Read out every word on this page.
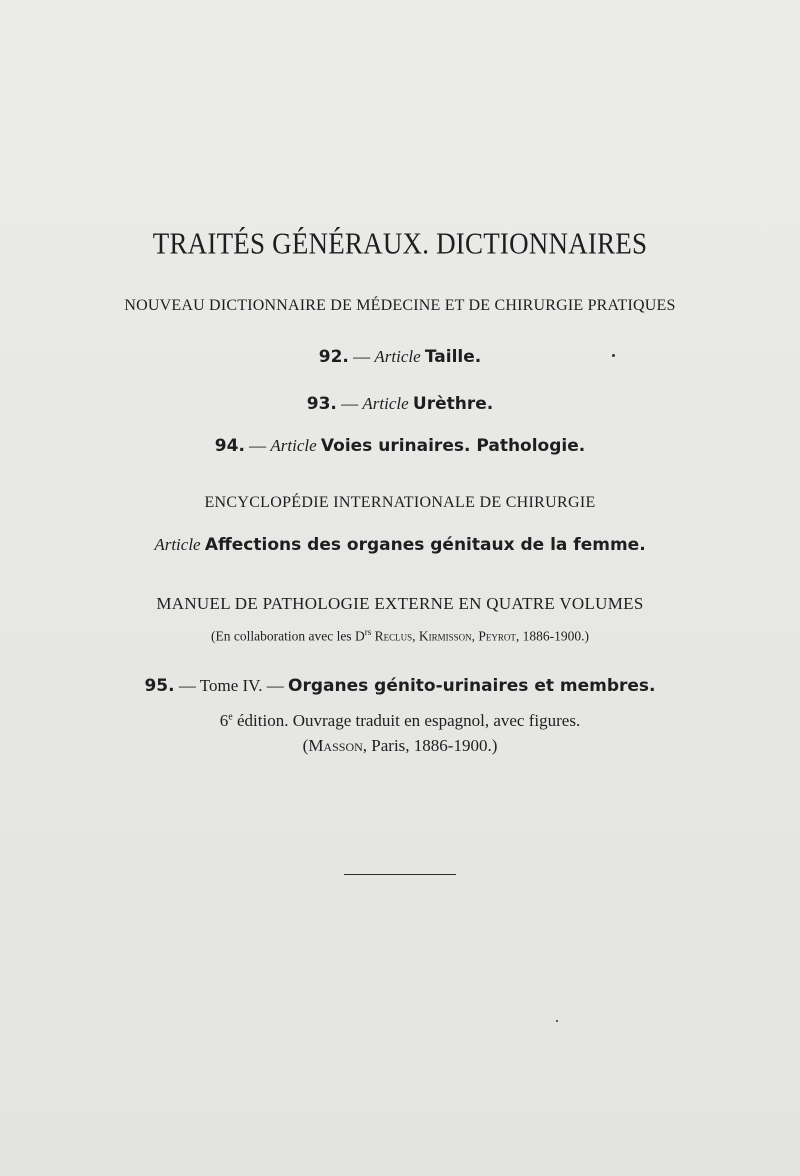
TRAITÉS GÉNÉRAUX. DICTIONNAIRES
NOUVEAU DICTIONNAIRE DE MÉDECINE ET DE CHIRURGIE PRATIQUES
92. — Article Taille.
93. — Article Urèthre.
94. — Article Voies urinaires. Pathologie.
ENCYCLOPÉDIE INTERNATIONALE DE CHIRURGIE
Article Affections des organes génitaux de la femme.
MANUEL DE PATHOLOGIE EXTERNE EN QUATRE VOLUMES
(En collaboration avec les $D^{rs}$ Reclus, Kirmisson, Peyrot, 1886-1900.)
95. — Tome IV. — Organes génito-urinaires et membres.
6e édition. Ouvrage traduit en espagnol, avec figures.
(Masson, Paris, 1886-1900.)
